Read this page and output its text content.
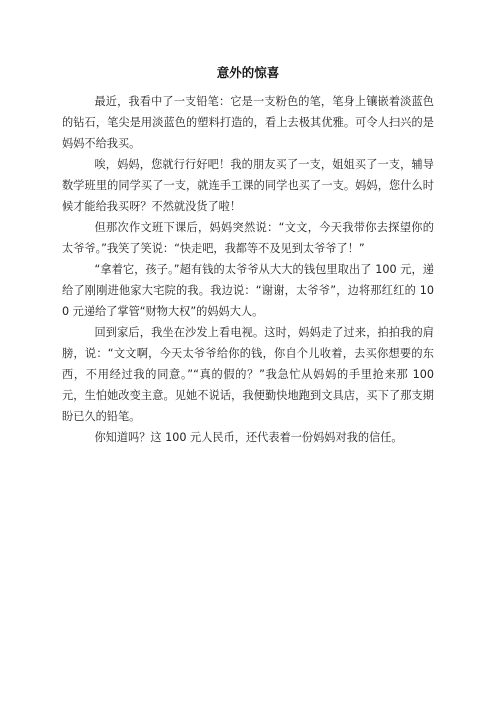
意外的惊喜

最近，我看中了一支铅笔：它是一支粉色的笔，笔身上镶嵌着淡蓝色的钻石，笔尖是用淡蓝色的塑料打造的，看上去极其优雅。可令人扫兴的是妈妈不给我买。

唉，妈妈，您就行行好吧！我的朋友买了一支，姐姐买了一支，辅导数学班里的同学买了一支，就连手工课的同学也买了一支。妈妈，您什么时候才能给我买呀？不然就没货了啦！

但那次作文班下课后，妈妈突然说：“文文，今天我带你去探望你的太爷爷。”我笑了笑说：“快走吧，我都等不及见到太爷爷了！”

“拿着它，孩子。”超有钱的太爷爷从大大的钱包里取出了 100 元，递给了刚刚进他家大宅院的我。我边说：“谢谢，太爷爷”，边将那红红的 100 元递给了掌管“财物大权”的妈妈大人。

回到家后，我坐在沙发上看电视。这时，妈妈走了过来，拍拍我的肩膀，说：“文文啊，今天太爷爷给你的钱，你自个儿收着，去买你想要的东西，不用经过我的同意。”“真的假的？”我急忙从妈妈的手里抢来那 100 元，生怕她改变主意。见她不说话，我便勤快地跑到文具店，买下了那支期盼已久的铅笔。

你知道吗？这 100 元人民币，还代表着一份妈妈对我的信任。
